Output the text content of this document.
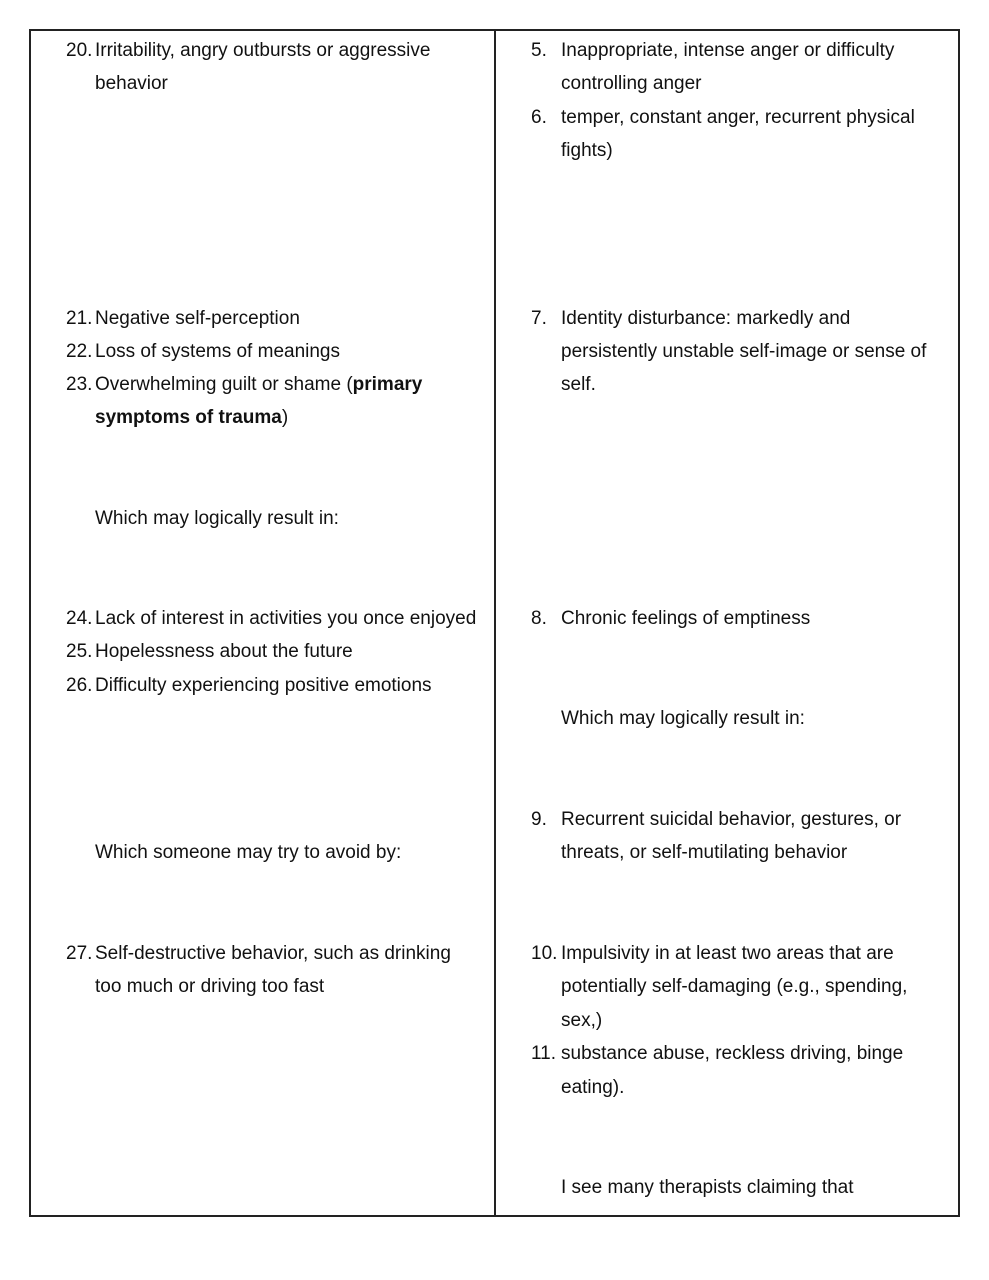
20. Irritability, angry outbursts or aggressive
behavior
21. Negative self-perception
22. Loss of systems of meanings
23. Overwhelming guilt or shame (primary
symptoms of trauma)
Which may logically result in:
24. Lack of interest in activities you once enjoyed
25. Hopelessness about the future
26. Difficulty experiencing positive emotions
Which someone may try to avoid by:
27. Self-destructive behavior, such as drinking
too much or driving too fast
5. Inappropriate, intense anger or difficulty
controlling anger
6. temper, constant anger, recurrent physical
fights)
7. Identity disturbance: markedly and
persistently unstable self-image or sense of
self.
8. Chronic feelings of emptiness
Which may logically result in:
9. Recurrent suicidal behavior, gestures, or
threats, or self-mutilating behavior
10. Impulsivity in at least two areas that are
potentially self-damaging (e.g., spending,
sex,)
11. substance abuse, reckless driving, binge
eating).
I see many therapists claiming that
